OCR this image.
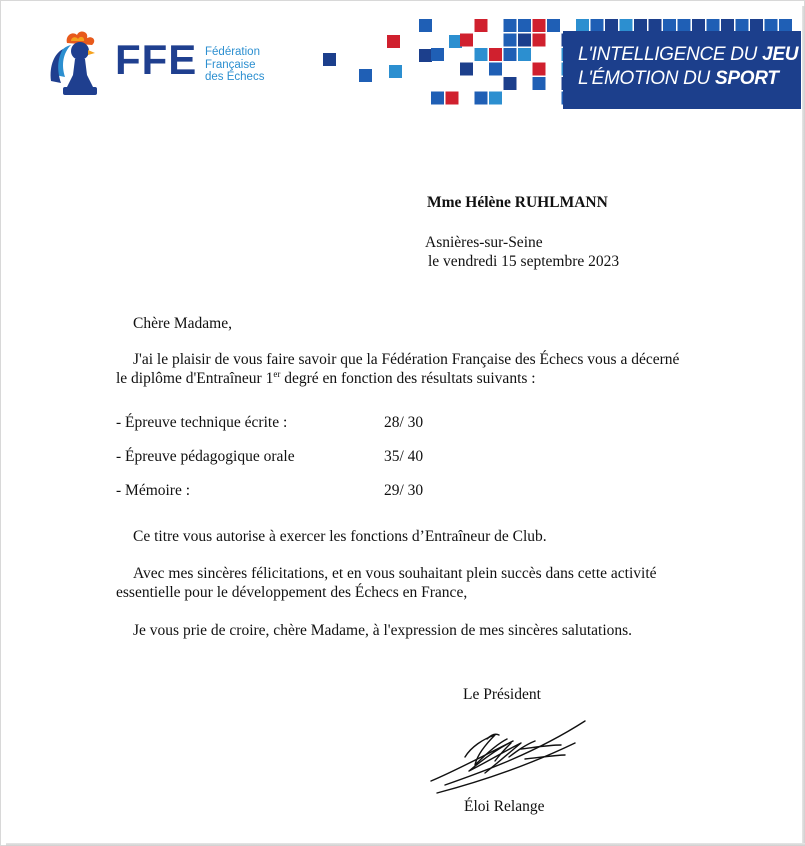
FFE Fédération
Française
des Échecs
L'INTELLIGENCE DU JEU
L'ÉMOTION DU SPORT
Mme Hélène RUHLMANN
Asnières-sur-Seine
le vendredi 15 septembre 2023
Chère Madame,
J'ai le plaisir de vous faire savoir que la Fédération Française des Échecs vous a décerné
le diplôme d'Entraîneur 1er degré en fonction des résultats suivants :
- Épreuve technique écrite :	28/ 30
- Épreuve pédagogique orale	35/ 40
- Mémoire :	29/ 30
Ce titre vous autorise à exercer les fonctions d’Entraîneur de Club.
Avec mes sincères félicitations, et en vous souhaitant plein succès dans cette activité
essentielle pour le développement des Échecs en France,
Je vous prie de croire, chère Madame, à l'expression de mes sincères salutations.
Le Président
Éloi Relange
